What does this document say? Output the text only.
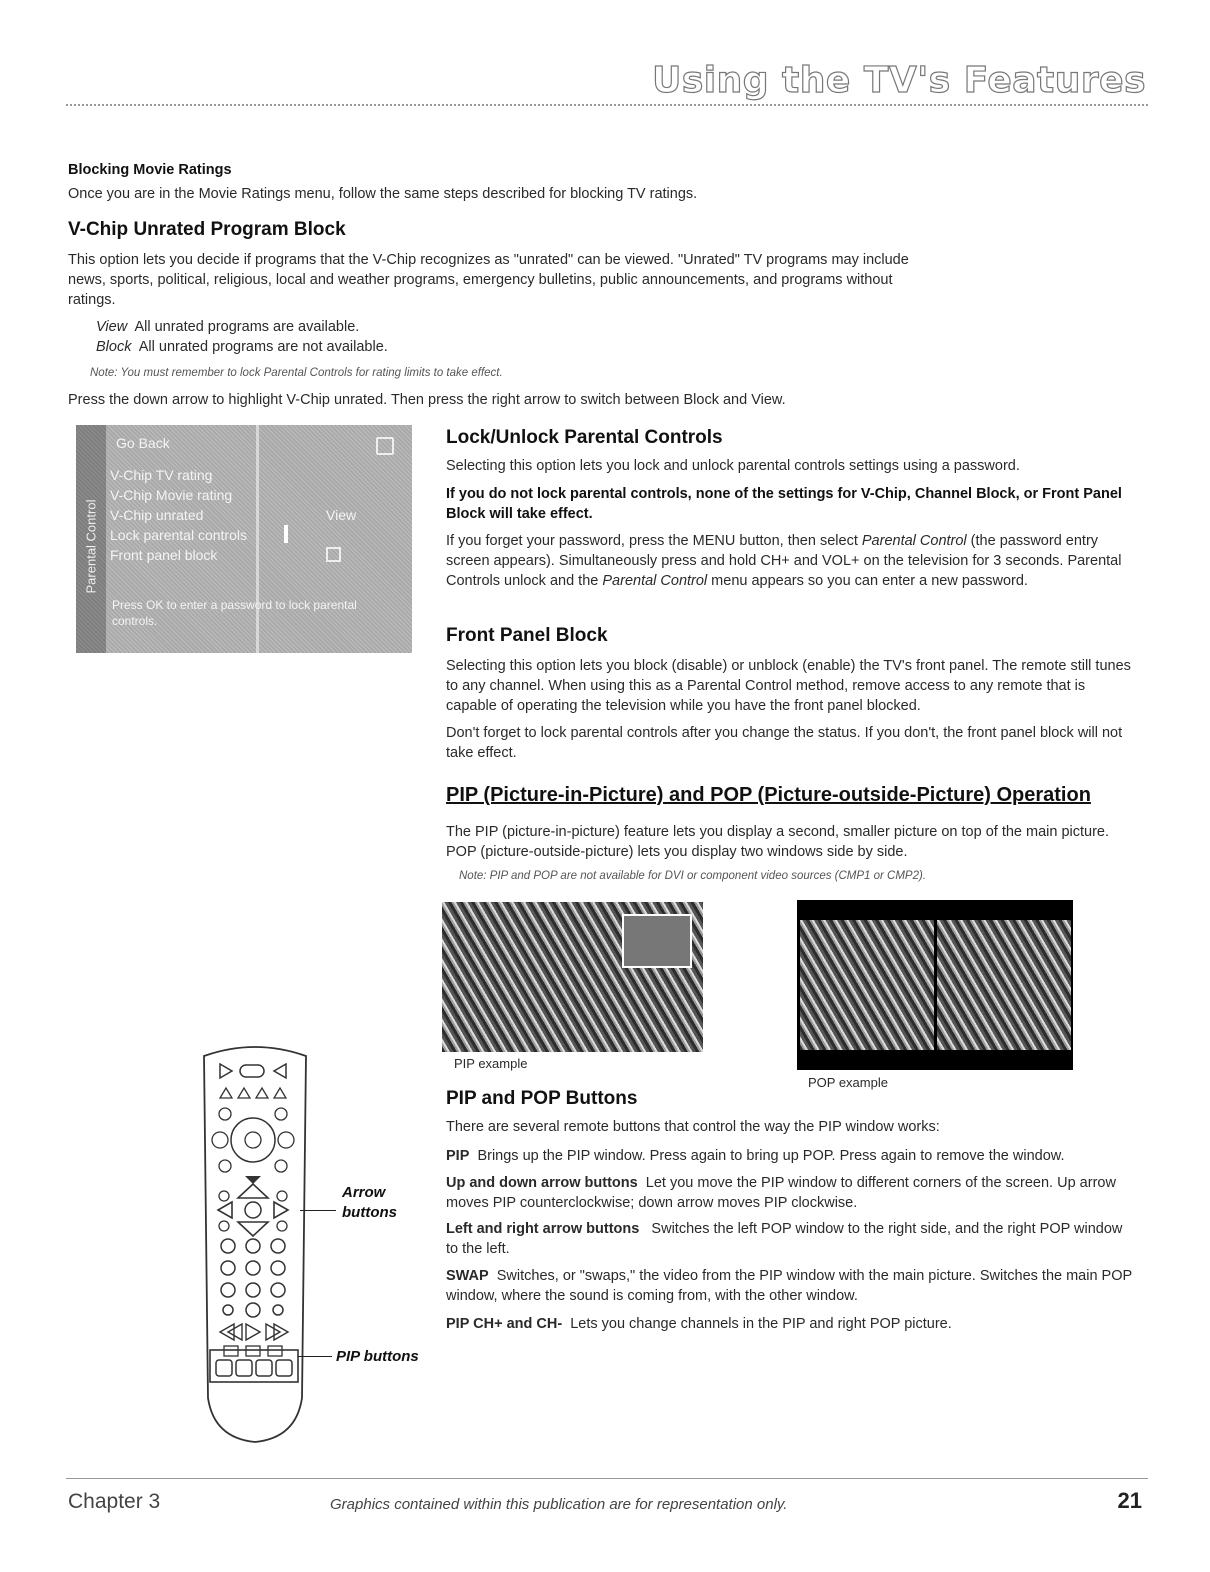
Using the TV's Features
Blocking Movie Ratings

Once you are in the Movie Ratings menu, follow the same steps described for blocking TV ratings.

V-Chip Unrated Program Block

This option lets you decide if programs that the V-Chip recognizes as "unrated" can be viewed. "Unrated" TV programs may include news, sports, political, religious, local and weather programs, emergency bulletins, public announcements, and programs without ratings.

View All unrated programs are available.
Block All unrated programs are not available.
Note: You must remember to lock Parental Controls for rating limits to take effect.

Press the down arrow to highlight V-Chip unrated. Then press the right arrow to switch between Block and View.

Parental Control
Go Back
V-Chip TV rating
V-Chip Movie rating
V-Chip unrated
Lock parental controls
Front panel block
View
Press OK to enter a password to lock parental controls.
Lock/Unlock Parental Controls

Selecting this option lets you lock and unlock parental controls settings using a password.

If you do not lock parental controls, none of the settings for V-Chip, Channel Block, or Front Panel Block will take effect.

If you forget your password, press the MENU button, then select Parental Control (the password entry screen appears). Simultaneously press and hold CH+ and VOL+ on the television for 3 seconds. Parental Controls unlock and the Parental Control menu appears so you can enter a new password.

Front Panel Block

Selecting this option lets you block (disable) or unblock (enable) the TV's front panel. The remote still tunes to any channel. When using this as a Parental Control method, remove access to any remote that is capable of operating the television while you have the front panel blocked.

Don't forget to lock parental controls after you change the status. If you don't, the front panel block will not take effect.

PIP (Picture-in-Picture) and POP (Picture-outside-Picture) Operation

The PIP (picture-in-picture) feature lets you display a second, smaller picture on top of the main picture. POP (picture-outside-picture) lets you display two windows side by side.

Note: PIP and POP are not available for DVI or component video sources (CMP1 or CMP2).
PIP example
POP example
PIP and POP Buttons

There are several remote buttons that control the way the PIP window works:

PIP Brings up the PIP window. Press again to bring up POP. Press again to remove the window.

Up and down arrow buttons Let you move the PIP window to different corners of the screen. Up arrow moves PIP counterclockwise; down arrow moves PIP clockwise.

Left and right arrow buttons Switches the left POP window to the right side, and the right POP window to the left.

SWAP Switches, or "swaps," the video from the PIP window with the main picture. Switches the main POP window, where the sound is coming from, with the other window.

PIP CH+ and CH- Lets you change channels in the PIP and right POP picture.

Arrow
buttons
PIP buttons
Chapter 3	Graphics contained within this publication are for representation only.	21
